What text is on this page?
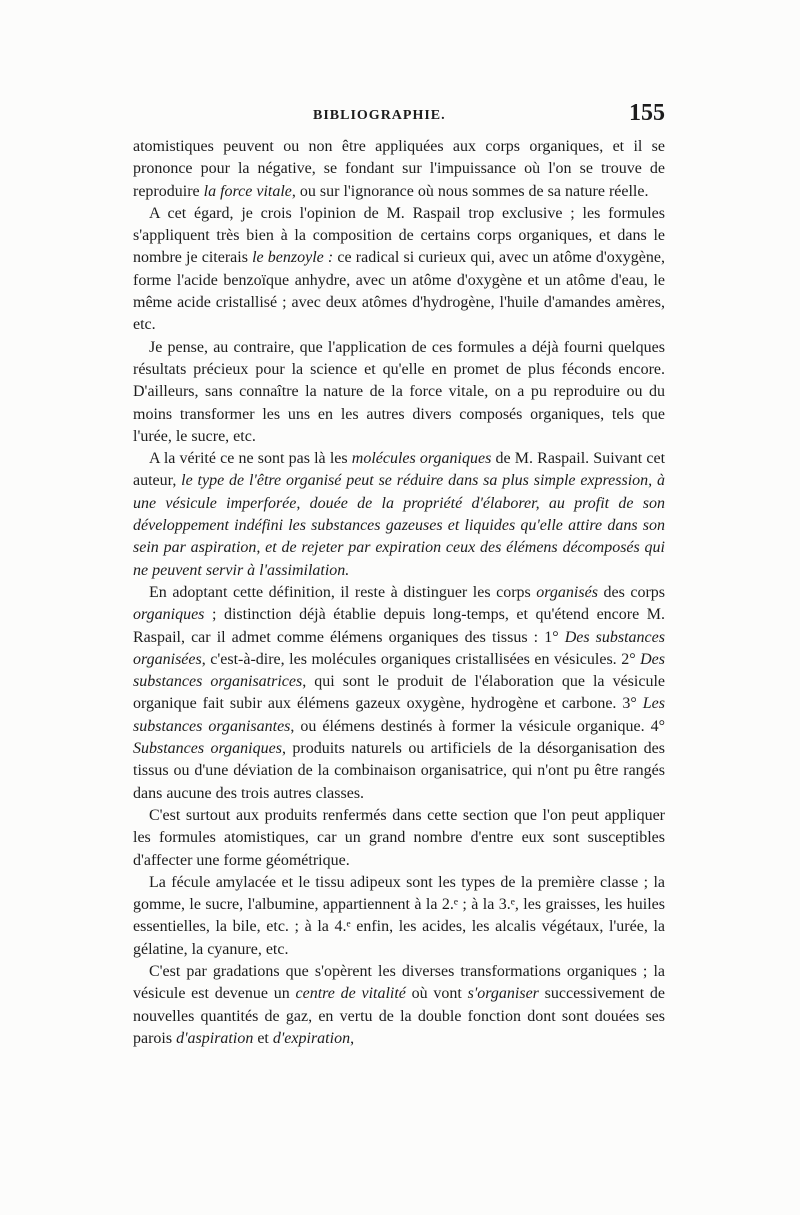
BIBLIOGRAPHIE.	155

atomistiques peuvent ou non être appliquées aux corps organiques, et il se prononce pour la négative, se fondant sur l'impuissance où l'on se trouve de reproduire la force vitale, ou sur l'ignorance où nous sommes de sa nature réelle.

A cet égard, je crois l'opinion de M. Raspail trop exclusive ; les formules s'appliquent très bien à la composition de certains corps organiques, et dans le nombre je citerais le benzoyle : ce radical si curieux qui, avec un atôme d'oxygène, forme l'acide benzoïque anhydre, avec un atôme d'oxygène et un atôme d'eau, le même acide cristallisé ; avec deux atômes d'hydrogène, l'huile d'amandes amères, etc.

Je pense, au contraire, que l'application de ces formules a déjà fourni quelques résultats précieux pour la science et qu'elle en promet de plus féconds encore. D'ailleurs, sans connaître la nature de la force vitale, on a pu reproduire ou du moins transformer les uns en les autres divers composés organiques, tels que l'urée, le sucre, etc.

A la vérité ce ne sont pas là les molécules organiques de M. Raspail. Suivant cet auteur, le type de l'être organisé peut se réduire dans sa plus simple expression, à une vésicule imperforée, douée de la propriété d'élaborer, au profit de son développement indéfini les substances gazeuses et liquides qu'elle attire dans son sein par aspiration, et de rejeter par expiration ceux des élémens décomposés qui ne peuvent servir à l'assimilation.

En adoptant cette définition, il reste à distinguer les corps organisés des corps organiques ; distinction déjà établie depuis long-temps, et qu'étend encore M. Raspail, car il admet comme élémens organiques des tissus : 1° Des substances organisées, c'est-à-dire, les molécules organiques cristallisées en vésicules. 2° Des substances organisatrices, qui sont le produit de l'élaboration que la vésicule organique fait subir aux élémens gazeux oxygène, hydrogène et carbone. 3° Les substances organisantes, ou élémens destinés à former la vésicule organique. 4° Substances organiques, produits naturels ou artificiels de la désorganisation des tissus ou d'une déviation de la combinaison organisatrice, qui n'ont pu être rangés dans aucune des trois autres classes.

C'est surtout aux produits renfermés dans cette section que l'on peut appliquer les formules atomistiques, car un grand nombre d'entre eux sont susceptibles d'affecter une forme géométrique.

La fécule amylacée et le tissu adipeux sont les types de la première classe ; la gomme, le sucre, l'albumine, appartiennent à la 2.ᵉ ; à la 3.ᵉ, les graisses, les huiles essentielles, la bile, etc. ; à la 4.ᵉ enfin, les acides, les alcalis végétaux, l'urée, la gélatine, la cyanure, etc.

C'est par gradations que s'opèrent les diverses transformations organiques ; la vésicule est devenue un centre de vitalité où vont s'organiser successivement de nouvelles quantités de gaz, en vertu de la double fonction dont sont douées ses parois d'aspiration et d'expiration,
